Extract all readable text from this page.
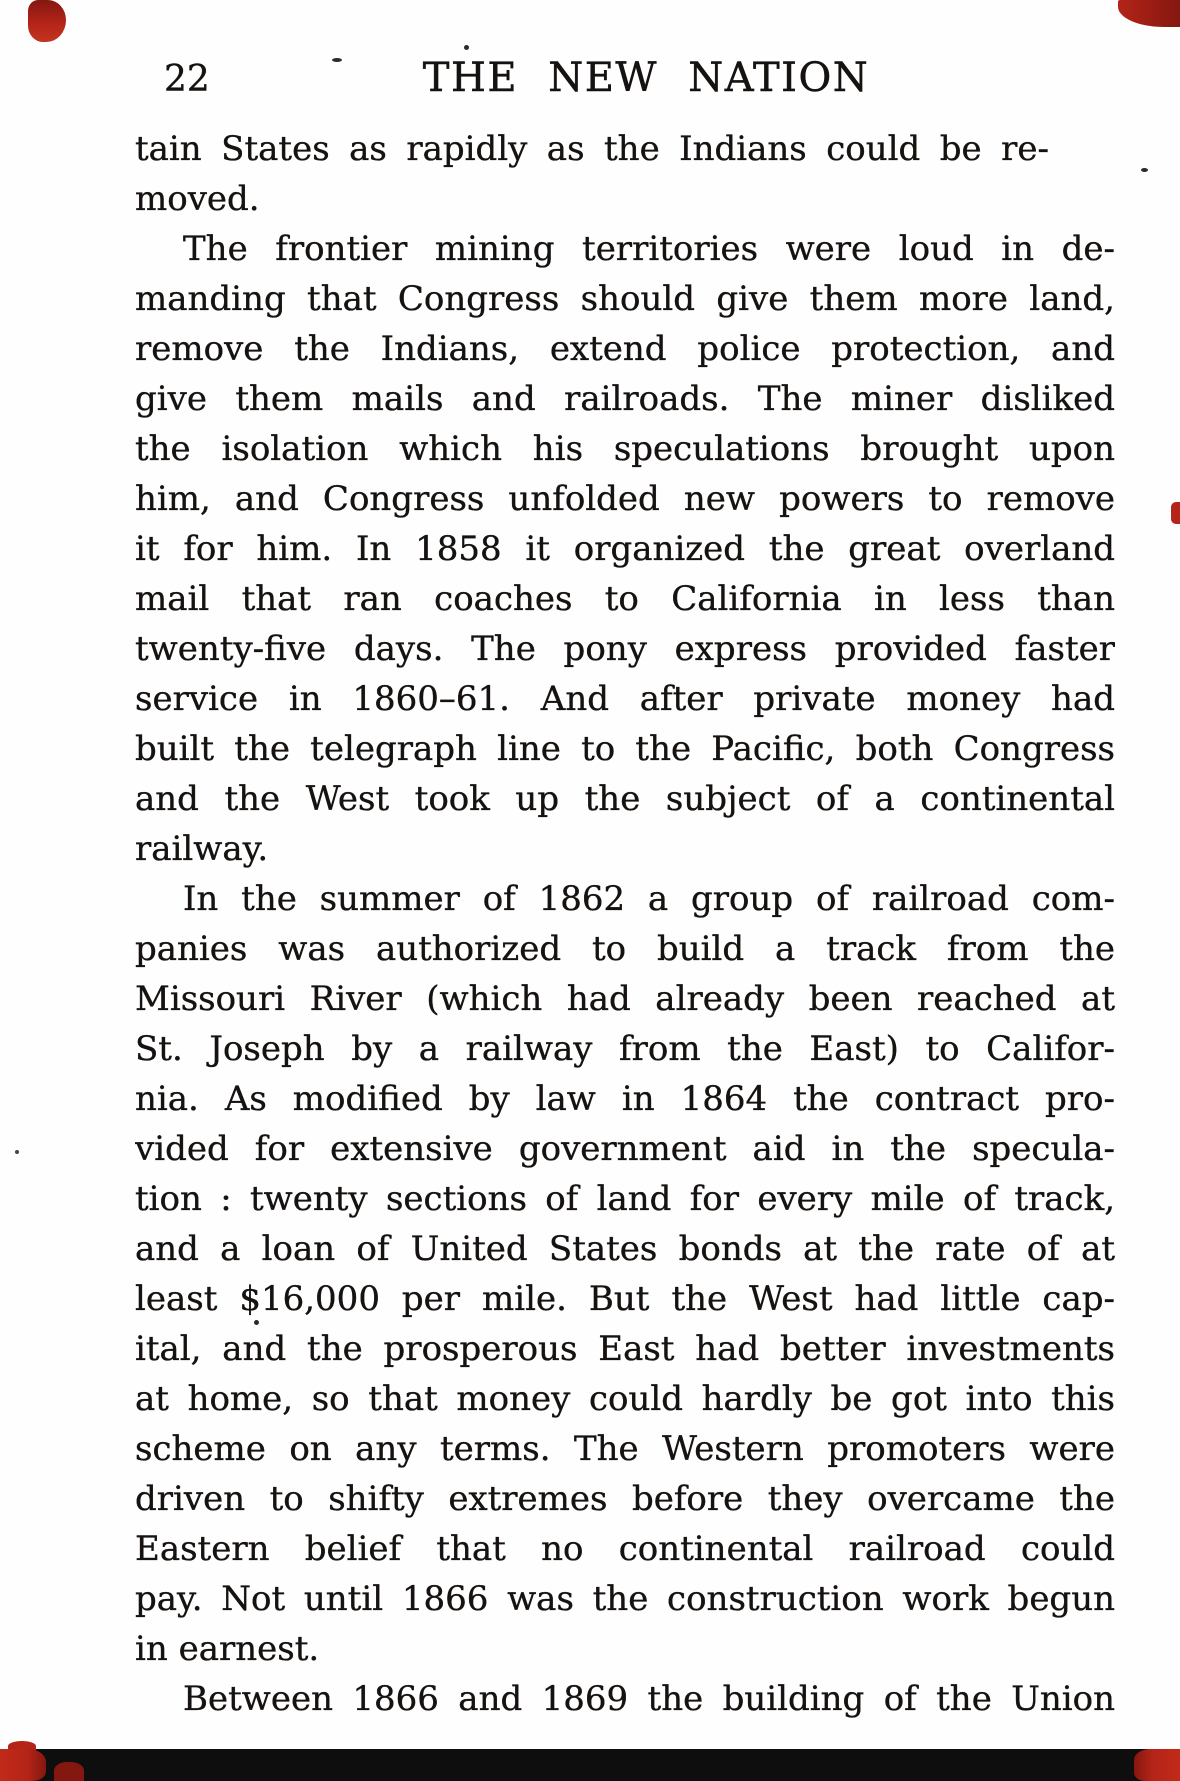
22	THE NEW NATION
tain States as rapidly as the Indians could be re-
moved.
The frontier mining territories were loud in de-
manding that Congress should give them more land,
remove the Indians, extend police protection, and
give them mails and railroads. The miner disliked
the isolation which his speculations brought upon
him, and Congress unfolded new powers to remove
it for him. In 1858 it organized the great overland
mail that ran coaches to California in less than
twenty-five days. The pony express provided faster
service in 1860–61. And after private money had
built the telegraph line to the Pacific, both Congress
and the West took up the subject of a continental
railway.
In the summer of 1862 a group of railroad com-
panies was authorized to build a track from the
Missouri River (which had already been reached at
St. Joseph by a railway from the East) to Califor-
nia. As modified by law in 1864 the contract pro-
vided for extensive government aid in the specula-
tion : twenty sections of land for every mile of track,
and a loan of United States bonds at the rate of at
least $16,000 per mile. But the West had little cap-
ital, and the prosperous East had better investments
at home, so that money could hardly be got into this
scheme on any terms. The Western promoters were
driven to shifty extremes before they overcame the
Eastern belief that no continental railroad could
pay. Not until 1866 was the construction work begun
in earnest.
Between 1866 and 1869 the building of the Union
